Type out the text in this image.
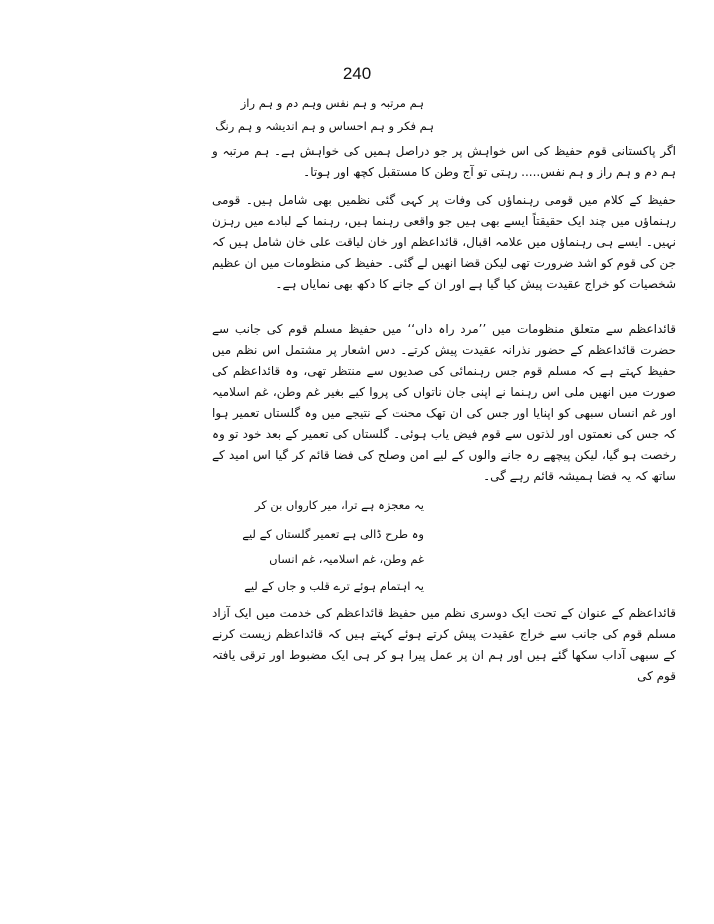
240
ہم مرتبہ و ہم نفس وہم دم و ہم راز
ہم فکر و ہم احساس و ہم اندیشہ و ہم رنگ

اگر پاکستانی قوم حفیظ کی اس خواہش پر جو دراصل ہمیں کی خواہش ہے۔ ہم مرتبہ و ہم دم و ہم راز و ہم نفس..... رہتی تو آج وطن کا مستقبل کچھ اور ہوتا۔

حفیظ کے کلام میں قومی رہنماؤں کی وفات پر کہی گئی نظمیں بھی شامل ہیں۔ قومی رہنماؤں میں چند ایک حقیقتاً ایسے بھی ہیں جو واقعی رہنما ہیں، رہنما کے لبادے میں رہزن نہیں۔ ایسے ہی رہنماؤں میں علامہ اقبال، قائداعظم اور خان لیاقت علی خان شامل ہیں کہ جن کی قوم کو اشد ضرورت تھی لیکن قضا انھیں لے گئی۔ حفیظ کی منظومات میں ان عظیم شخصیات کو خراج عقیدت پیش کیا گیا ہے اور ان کے جانے کا دکھ بھی نمایاں ہے۔

قائداعظم سے متعلق منظومات میں ’’مرد راہ داں‘‘ میں حفیظ مسلم قوم کی جانب سے حضرت قائداعظم کے حضور نذرانہ عقیدت پیش کرتے۔ دس اشعار پر مشتمل اس نظم میں حفیظ کہتے ہے کہ مسلم قوم جس رہنمائی کی صدیوں سے منتظر تھی، وہ قائداعظم کی صورت میں انھیں ملی اس رہنما نے اپنی جان ناتواں کی پروا کیے بغیر غم وطن، غم اسلامیہ اور غم انساں سبھی کو اپنایا اور جس کی ان تھک محنت کے نتیجے میں وہ گلستاں تعمیر ہوا کہ جس کی نعمتوں اور لذتوں سے قوم فیض یاب ہوئی۔ گلستاں کی تعمیر کے بعد خود تو وہ رخصت ہو گیا، لیکن پیچھے رہ جانے والوں کے لیے امن وصلح کی فضا قائم کر گیا اس امید کے ساتھ کہ یہ فضا ہمیشہ قائم رہے گی۔

یہ معجزہ ہے ترا، میر کارواں بن کر
وہ طرح ڈالی ہے تعمیر گلستاں کے لیے
غم وطن، غم اسلامیہ، غم انساں
یہ اہتمام ہوئے ترے قلب و جاں کے لیے

قائداعظم کے عنوان کے تحت ایک دوسری نظم میں حفیظ قائداعظم کی خدمت میں ایک آزاد مسلم قوم کی جانب سے خراج عقیدت پیش کرتے ہوئے کہتے ہیں کہ قائداعظم زیست کرنے کے سبھی آداب سکھا گئے ہیں اور ہم ان پر عمل پیرا ہو کر ہی ایک مضبوط اور ترقی یافتہ قوم کی
